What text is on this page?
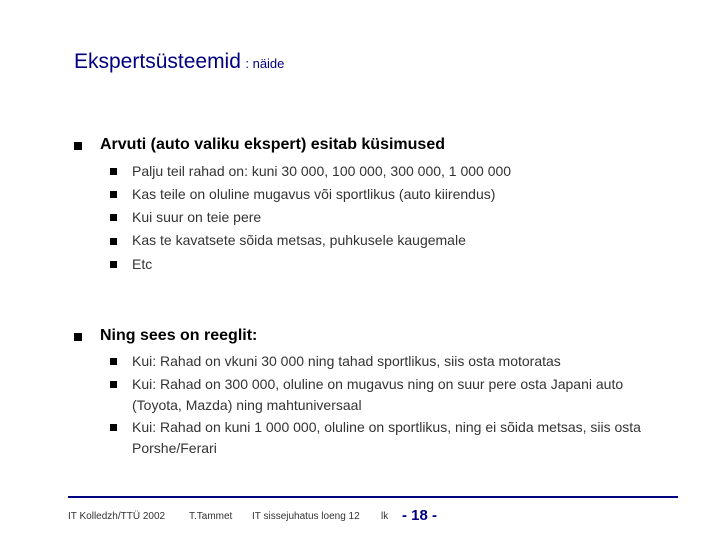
Ekspertsüsteemid : näide
Arvuti (auto valiku ekspert) esitab küsimused
Palju teil rahad on: kuni 30 000, 100 000, 300 000, 1 000 000
Kas teile on oluline mugavus või sportlikus (auto kiirendus)
Kui suur on teie pere
Kas te kavatsete sõida metsas, puhkusele kaugemale
Etc
Ning sees on reeglit:
Kui: Rahad on vkuni 30 000 ning tahad sportlikus, siis osta motoratas
Kui: Rahad on 300 000, oluline on mugavus ning on suur pere osta Japani auto (Toyota, Mazda) ning mahtuniversaal
Kui: Rahad on kuni 1 000 000, oluline on sportlikus, ning ei sõida metsas, siis osta Porshe/Ferari
IT Kolledzh/TTÜ 2002 T.Tammet IT sissejuhatus loeng 12 lk - 18 -
